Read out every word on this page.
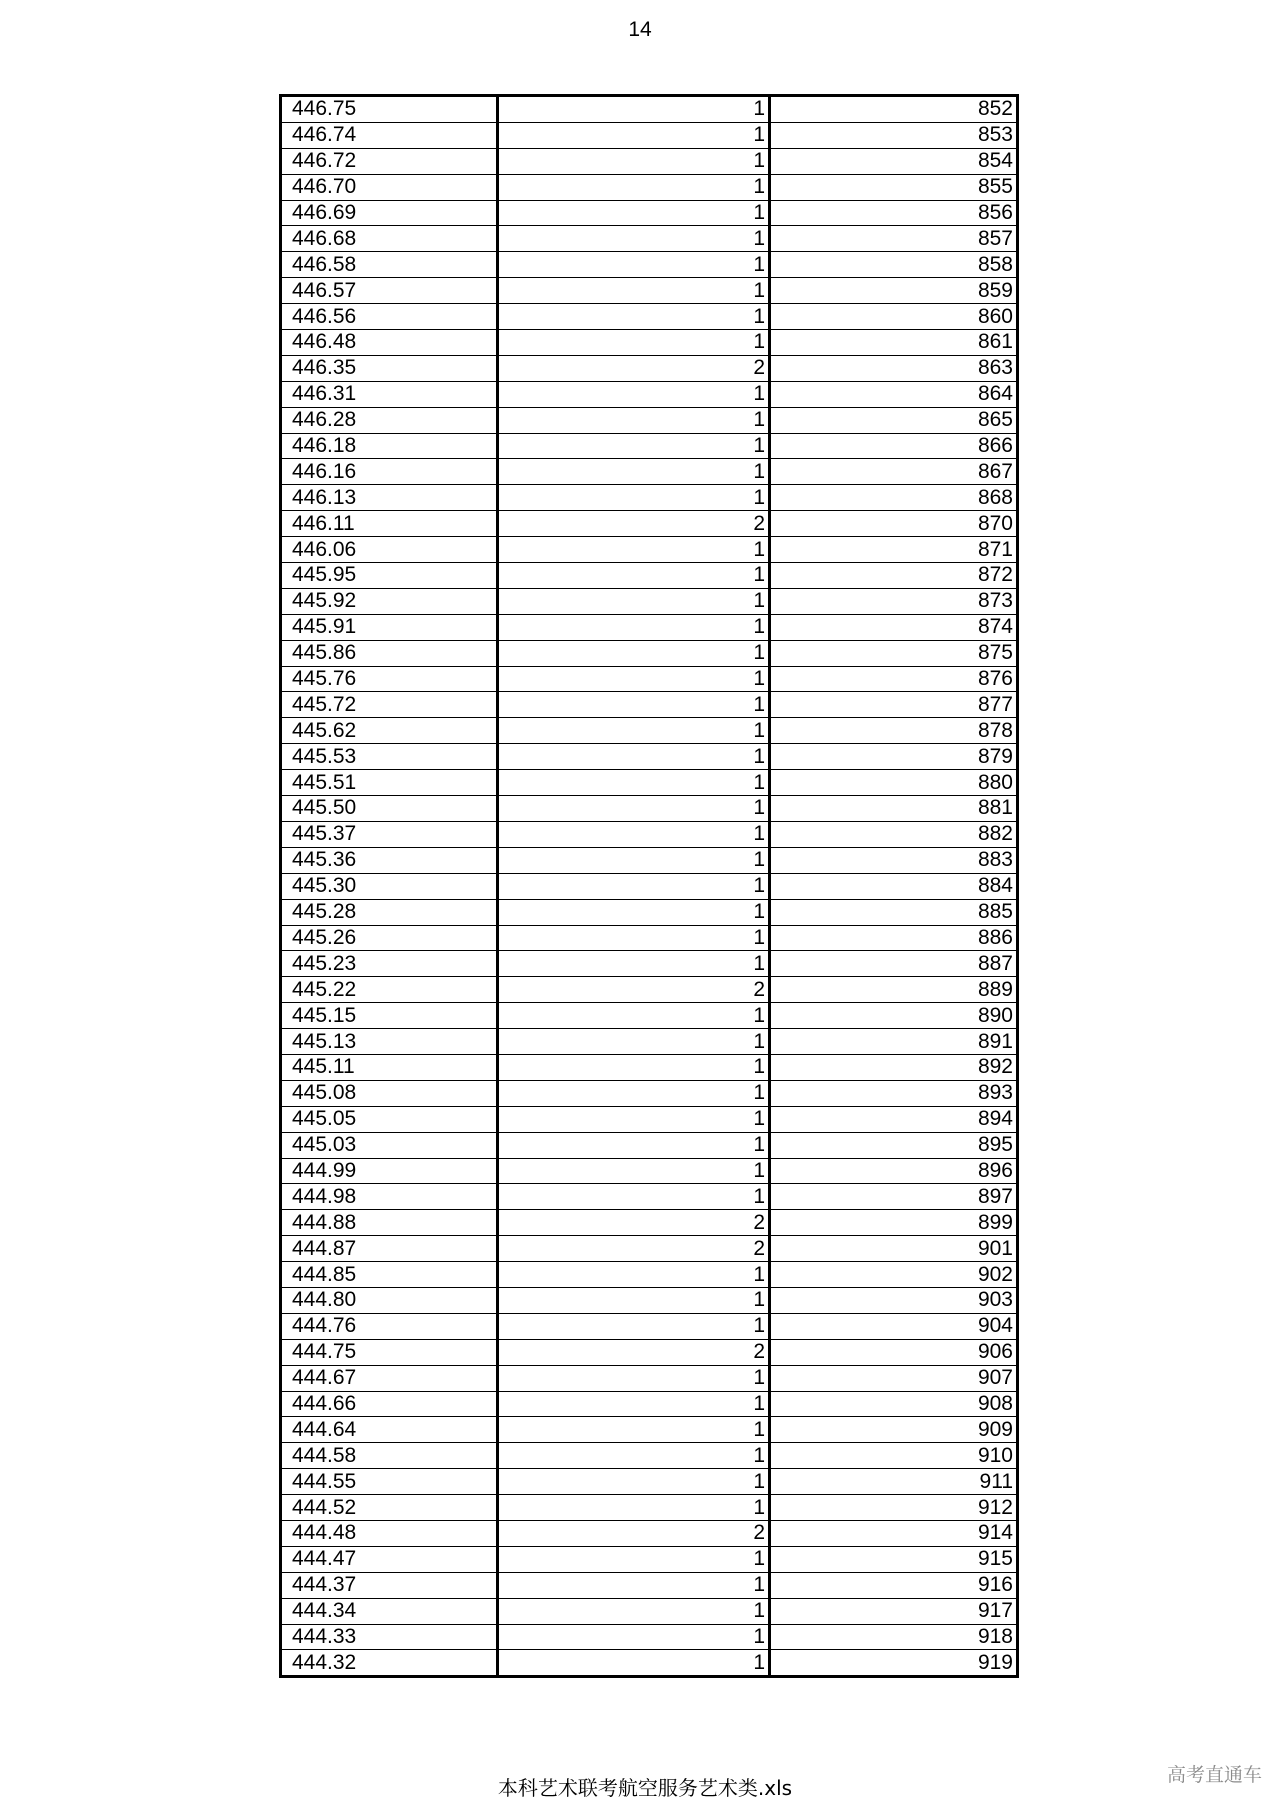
14
446.75	1	852
446.74	1	853
446.72	1	854
446.70	1	855
446.69	1	856
446.68	1	857
446.58	1	858
446.57	1	859
446.56	1	860
446.48	1	861
446.35	2	863
446.31	1	864
446.28	1	865
446.18	1	866
446.16	1	867
446.13	1	868
446.11	2	870
446.06	1	871
445.95	1	872
445.92	1	873
445.91	1	874
445.86	1	875
445.76	1	876
445.72	1	877
445.62	1	878
445.53	1	879
445.51	1	880
445.50	1	881
445.37	1	882
445.36	1	883
445.30	1	884
445.28	1	885
445.26	1	886
445.23	1	887
445.22	2	889
445.15	1	890
445.13	1	891
445.11	1	892
445.08	1	893
445.05	1	894
445.03	1	895
444.99	1	896
444.98	1	897
444.88	2	899
444.87	2	901
444.85	1	902
444.80	1	903
444.76	1	904
444.75	2	906
444.67	1	907
444.66	1	908
444.64	1	909
444.58	1	910
444.55	1	911
444.52	1	912
444.48	2	914
444.47	1	915
444.37	1	916
444.34	1	917
444.33	1	918
444.32	1	919
本科艺术联考航空服务艺术类.xls
高考直通车
